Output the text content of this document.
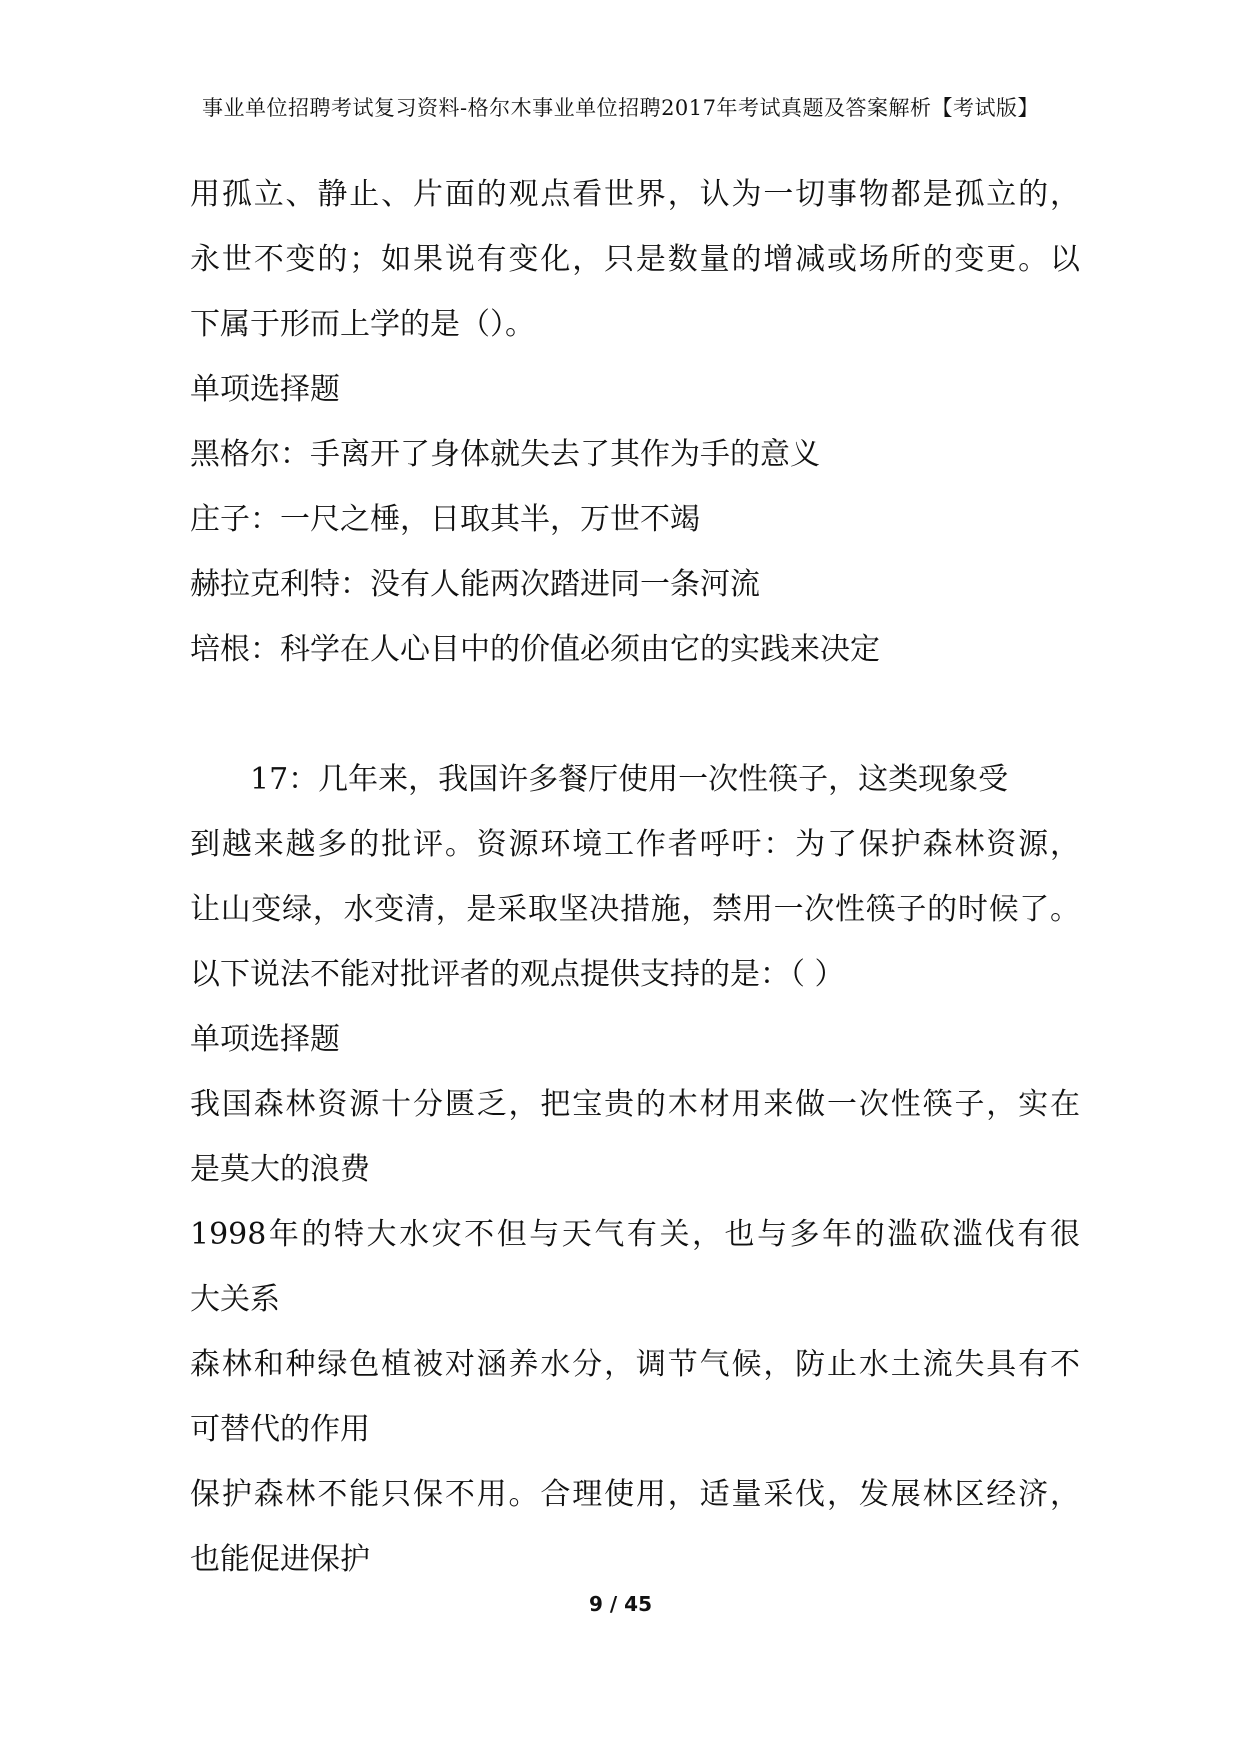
事业单位招聘考试复习资料-格尔木事业单位招聘2017年考试真题及答案解析【考试版】
用孤立、静止、片面的观点看世界，认为一切事物都是孤立的，
永世不变的；如果说有变化，只是数量的增减或场所的变更。以
下属于形而上学的是（）。
单项选择题
黑格尔：手离开了身体就失去了其作为手的意义
庄子：一尺之棰，日取其半，万世不竭
赫拉克利特：没有人能两次踏进同一条河流
培根：科学在人心目中的价值必须由它的实践来决定
17：几年来，我国许多餐厅使用一次性筷子，这类现象受
到越来越多的批评。资源环境工作者呼吁：为了保护森林资源，
让山变绿，水变清，是采取坚决措施，禁用一次性筷子的时候了。
以下说法不能对批评者的观点提供支持的是：（ ）
单项选择题
我国森林资源十分匮乏，把宝贵的木材用来做一次性筷子，实在
是莫大的浪费
1998年的特大水灾不但与天气有关，也与多年的滥砍滥伐有很
大关系
森林和种绿色植被对涵养水分，调节气候，防止水土流失具有不
可替代的作用
保护森林不能只保不用。合理使用，适量采伐，发展林区经济，
也能促进保护
9 / 45
